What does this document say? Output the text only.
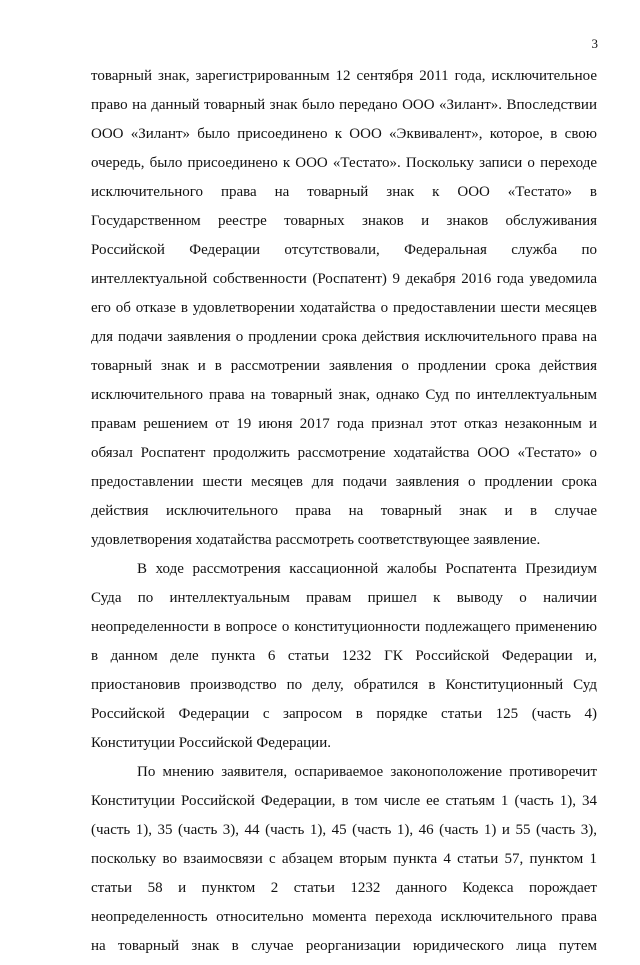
3
товарный знак, зарегистрированным 12 сентября 2011 года, исключительное
право на данный товарный знак было передано ООО «Зилант». Впоследствии
ООО «Зилант» было присоединено к ООО «Эквивалент», которое, в свою
очередь, было присоединено к ООО «Тестато». Поскольку записи о переходе
исключительного права на товарный знак к ООО «Тестато» в
Государственном реестре товарных знаков и знаков обслуживания
Российской Федерации отсутствовали, Федеральная служба по
интеллектуальной собственности (Роспатент) 9 декабря 2016 года уведомила
его об отказе в удовлетворении ходатайства о предоставлении шести месяцев
для подачи заявления о продлении срока действия исключительного права на
товарный знак и в рассмотрении заявления о продлении срока действия
исключительного права на товарный знак, однако Суд по интеллектуальным
правам решением от 19 июня 2017 года признал этот отказ незаконным и
обязал Роспатент продолжить рассмотрение ходатайства ООО «Тестато» о
предоставлении шести месяцев для подачи заявления о продлении срока
действия исключительного права на товарный знак и в случае
удовлетворения ходатайства рассмотреть соответствующее заявление.
В ходе рассмотрения кассационной жалобы Роспатента Президиум
Суда по интеллектуальным правам пришел к выводу о наличии
неопределенности в вопросе о конституционности подлежащего применению
в данном деле пункта 6 статьи 1232 ГК Российской Федерации и,
приостановив производство по делу, обратился в Конституционный Суд
Российской Федерации с запросом в порядке статьи 125 (часть 4)
Конституции Российской Федерации.
По мнению заявителя, оспариваемое законоположение противоречит
Конституции Российской Федерации, в том числе ее статьям 1 (часть 1), 34
(часть 1), 35 (часть 3), 44 (часть 1), 45 (часть 1), 46 (часть 1) и 55 (часть 3),
поскольку во взаимосвязи с абзацем вторым пункта 4 статьи 57, пунктом 1
статьи 58 и пунктом 2 статьи 1232 данного Кодекса порождает
неопределенность относительно момента перехода исключительного права
на товарный знак в случае реорганизации юридического лица путем
